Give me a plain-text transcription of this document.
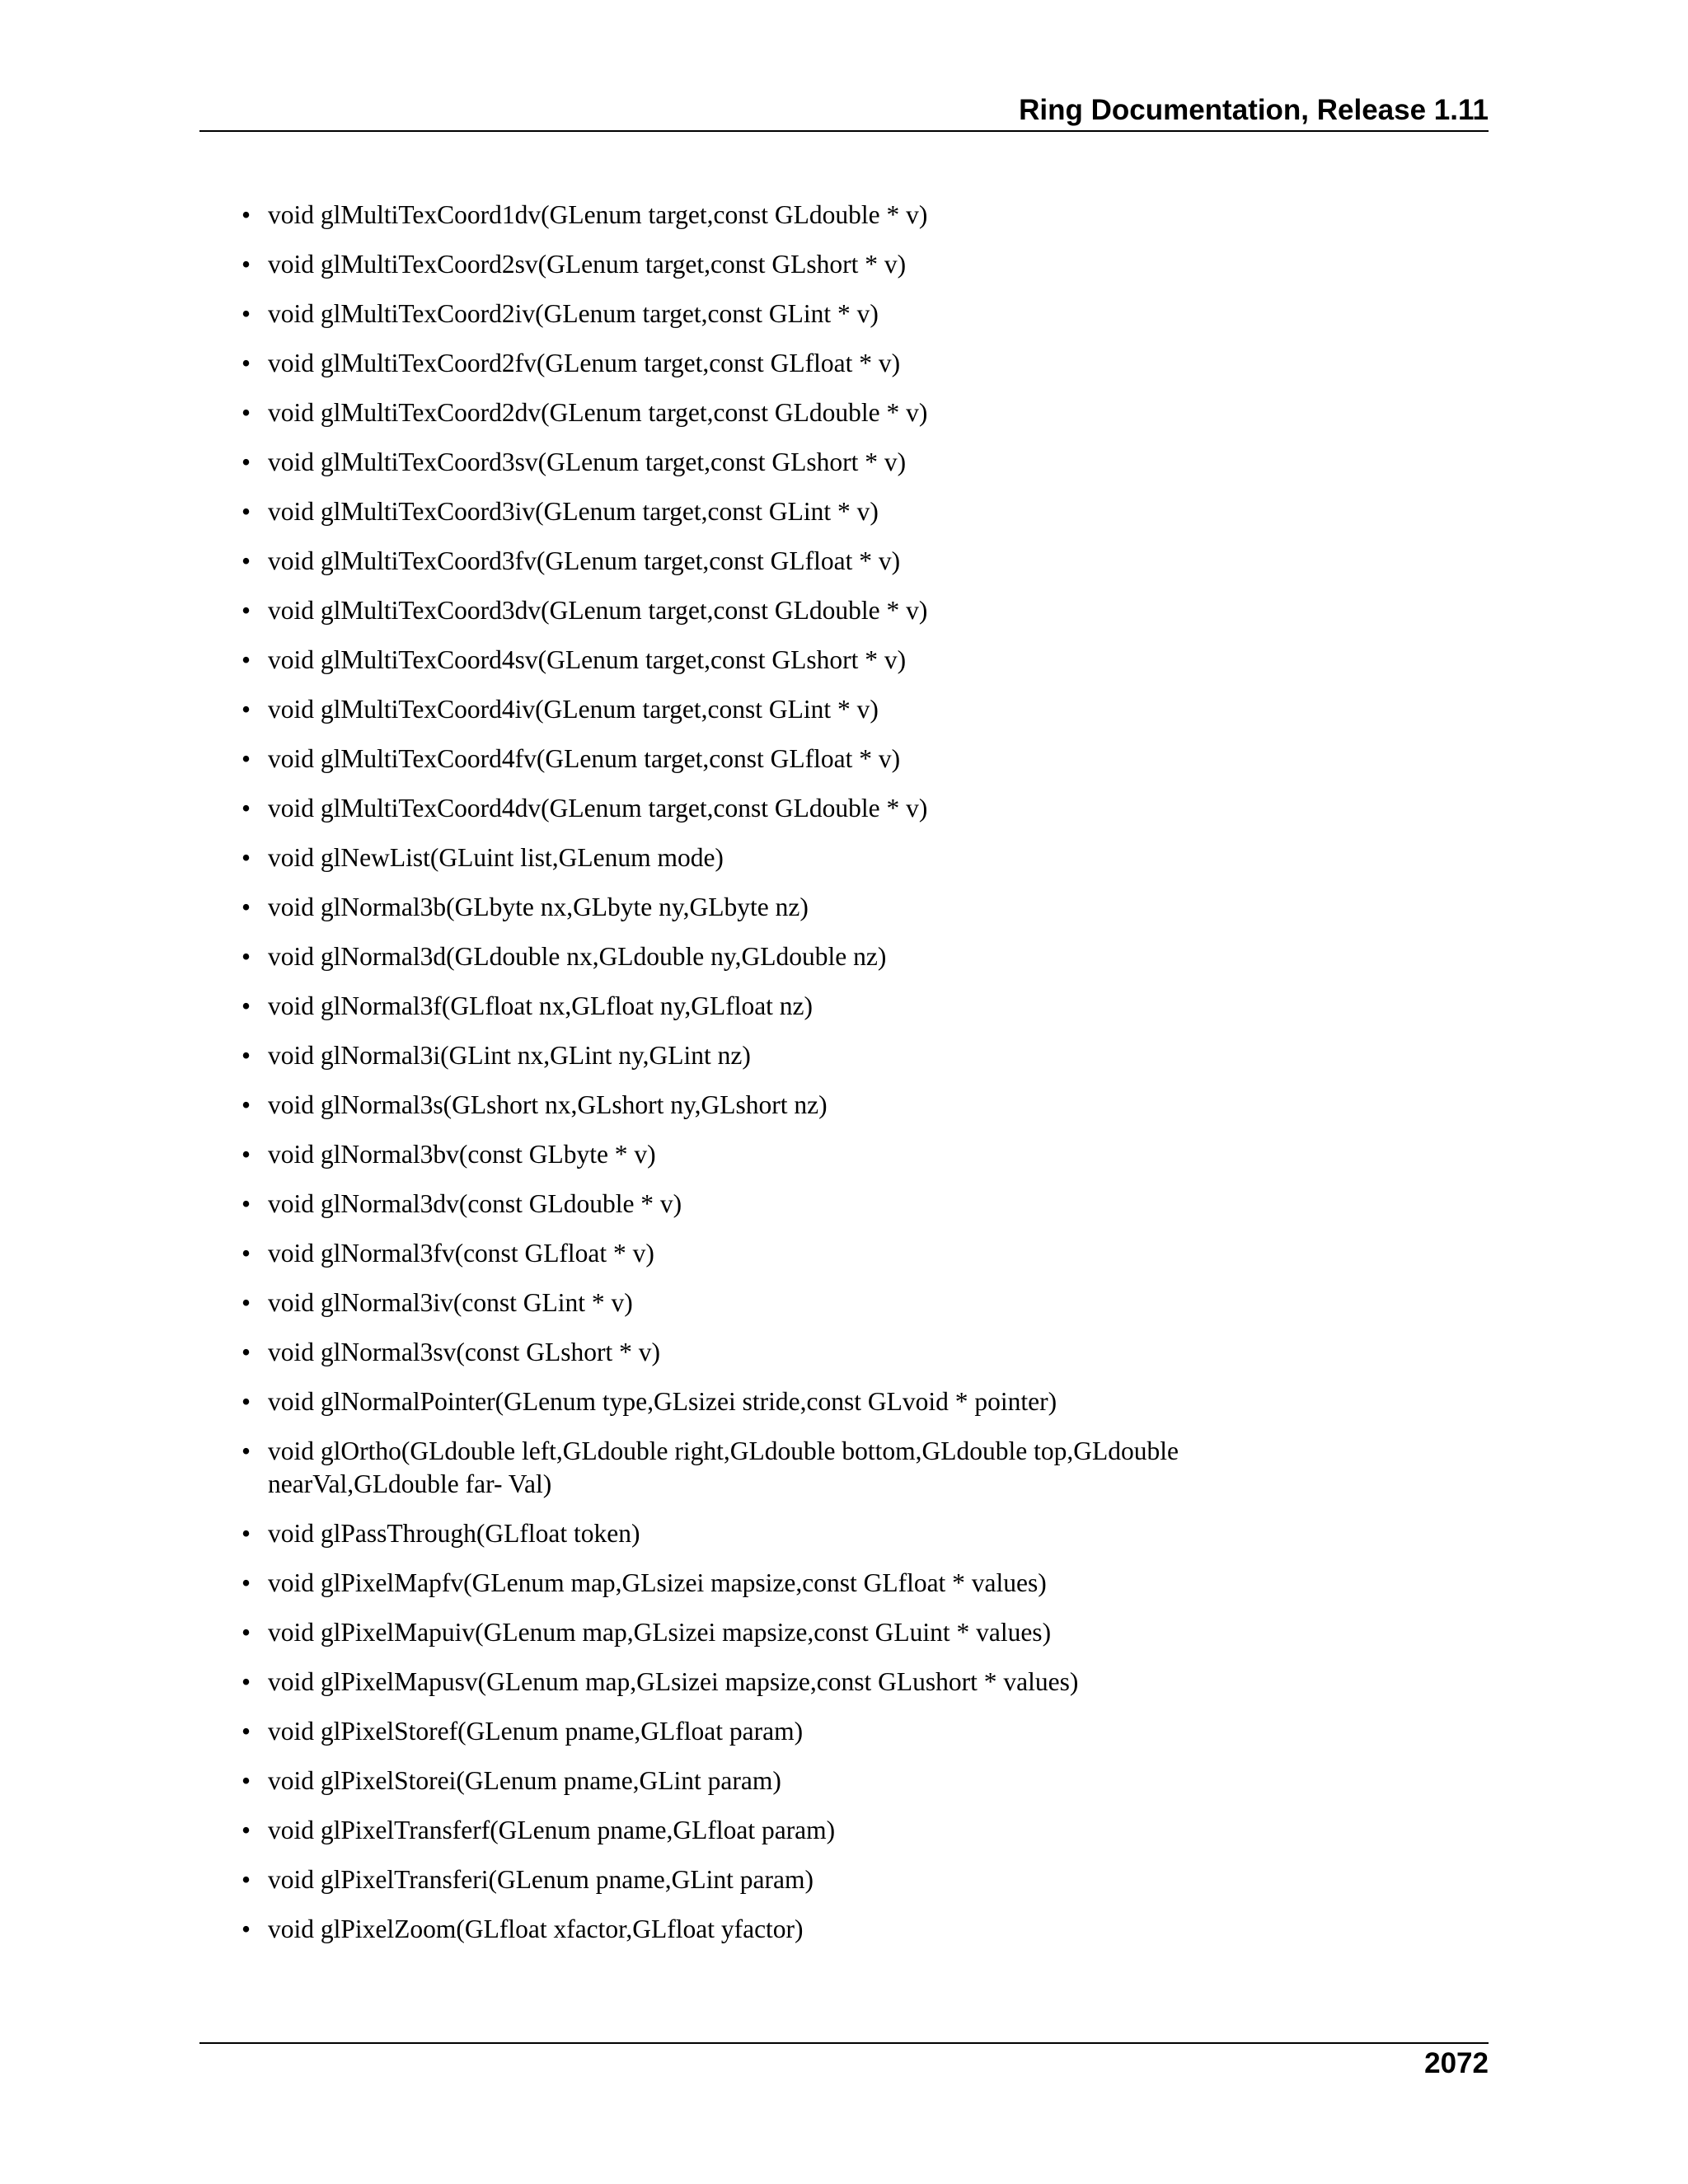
Ring Documentation, Release 1.11
• void glMultiTexCoord1dv(GLenum target,const GLdouble * v)
• void glMultiTexCoord2sv(GLenum target,const GLshort * v)
• void glMultiTexCoord2iv(GLenum target,const GLint * v)
• void glMultiTexCoord2fv(GLenum target,const GLfloat * v)
• void glMultiTexCoord2dv(GLenum target,const GLdouble * v)
• void glMultiTexCoord3sv(GLenum target,const GLshort * v)
• void glMultiTexCoord3iv(GLenum target,const GLint * v)
• void glMultiTexCoord3fv(GLenum target,const GLfloat * v)
• void glMultiTexCoord3dv(GLenum target,const GLdouble * v)
• void glMultiTexCoord4sv(GLenum target,const GLshort * v)
• void glMultiTexCoord4iv(GLenum target,const GLint * v)
• void glMultiTexCoord4fv(GLenum target,const GLfloat * v)
• void glMultiTexCoord4dv(GLenum target,const GLdouble * v)
• void glNewList(GLuint list,GLenum mode)
• void glNormal3b(GLbyte nx,GLbyte ny,GLbyte nz)
• void glNormal3d(GLdouble nx,GLdouble ny,GLdouble nz)
• void glNormal3f(GLfloat nx,GLfloat ny,GLfloat nz)
• void glNormal3i(GLint nx,GLint ny,GLint nz)
• void glNormal3s(GLshort nx,GLshort ny,GLshort nz)
• void glNormal3bv(const GLbyte * v)
• void glNormal3dv(const GLdouble * v)
• void glNormal3fv(const GLfloat * v)
• void glNormal3iv(const GLint * v)
• void glNormal3sv(const GLshort * v)
• void glNormalPointer(GLenum type,GLsizei stride,const GLvoid * pointer)
• void glOrtho(GLdouble left,GLdouble right,GLdouble bottom,GLdouble top,GLdouble nearVal,GLdouble far- Val)
• void glPassThrough(GLfloat token)
• void glPixelMapfv(GLenum map,GLsizei mapsize,const GLfloat * values)
• void glPixelMapuiv(GLenum map,GLsizei mapsize,const GLuint * values)
• void glPixelMapusv(GLenum map,GLsizei mapsize,const GLushort * values)
• void glPixelStoref(GLenum pname,GLfloat param)
• void glPixelStorei(GLenum pname,GLint param)
• void glPixelTransferf(GLenum pname,GLfloat param)
• void glPixelTransferi(GLenum pname,GLint param)
• void glPixelZoom(GLfloat xfactor,GLfloat yfactor)
2072
